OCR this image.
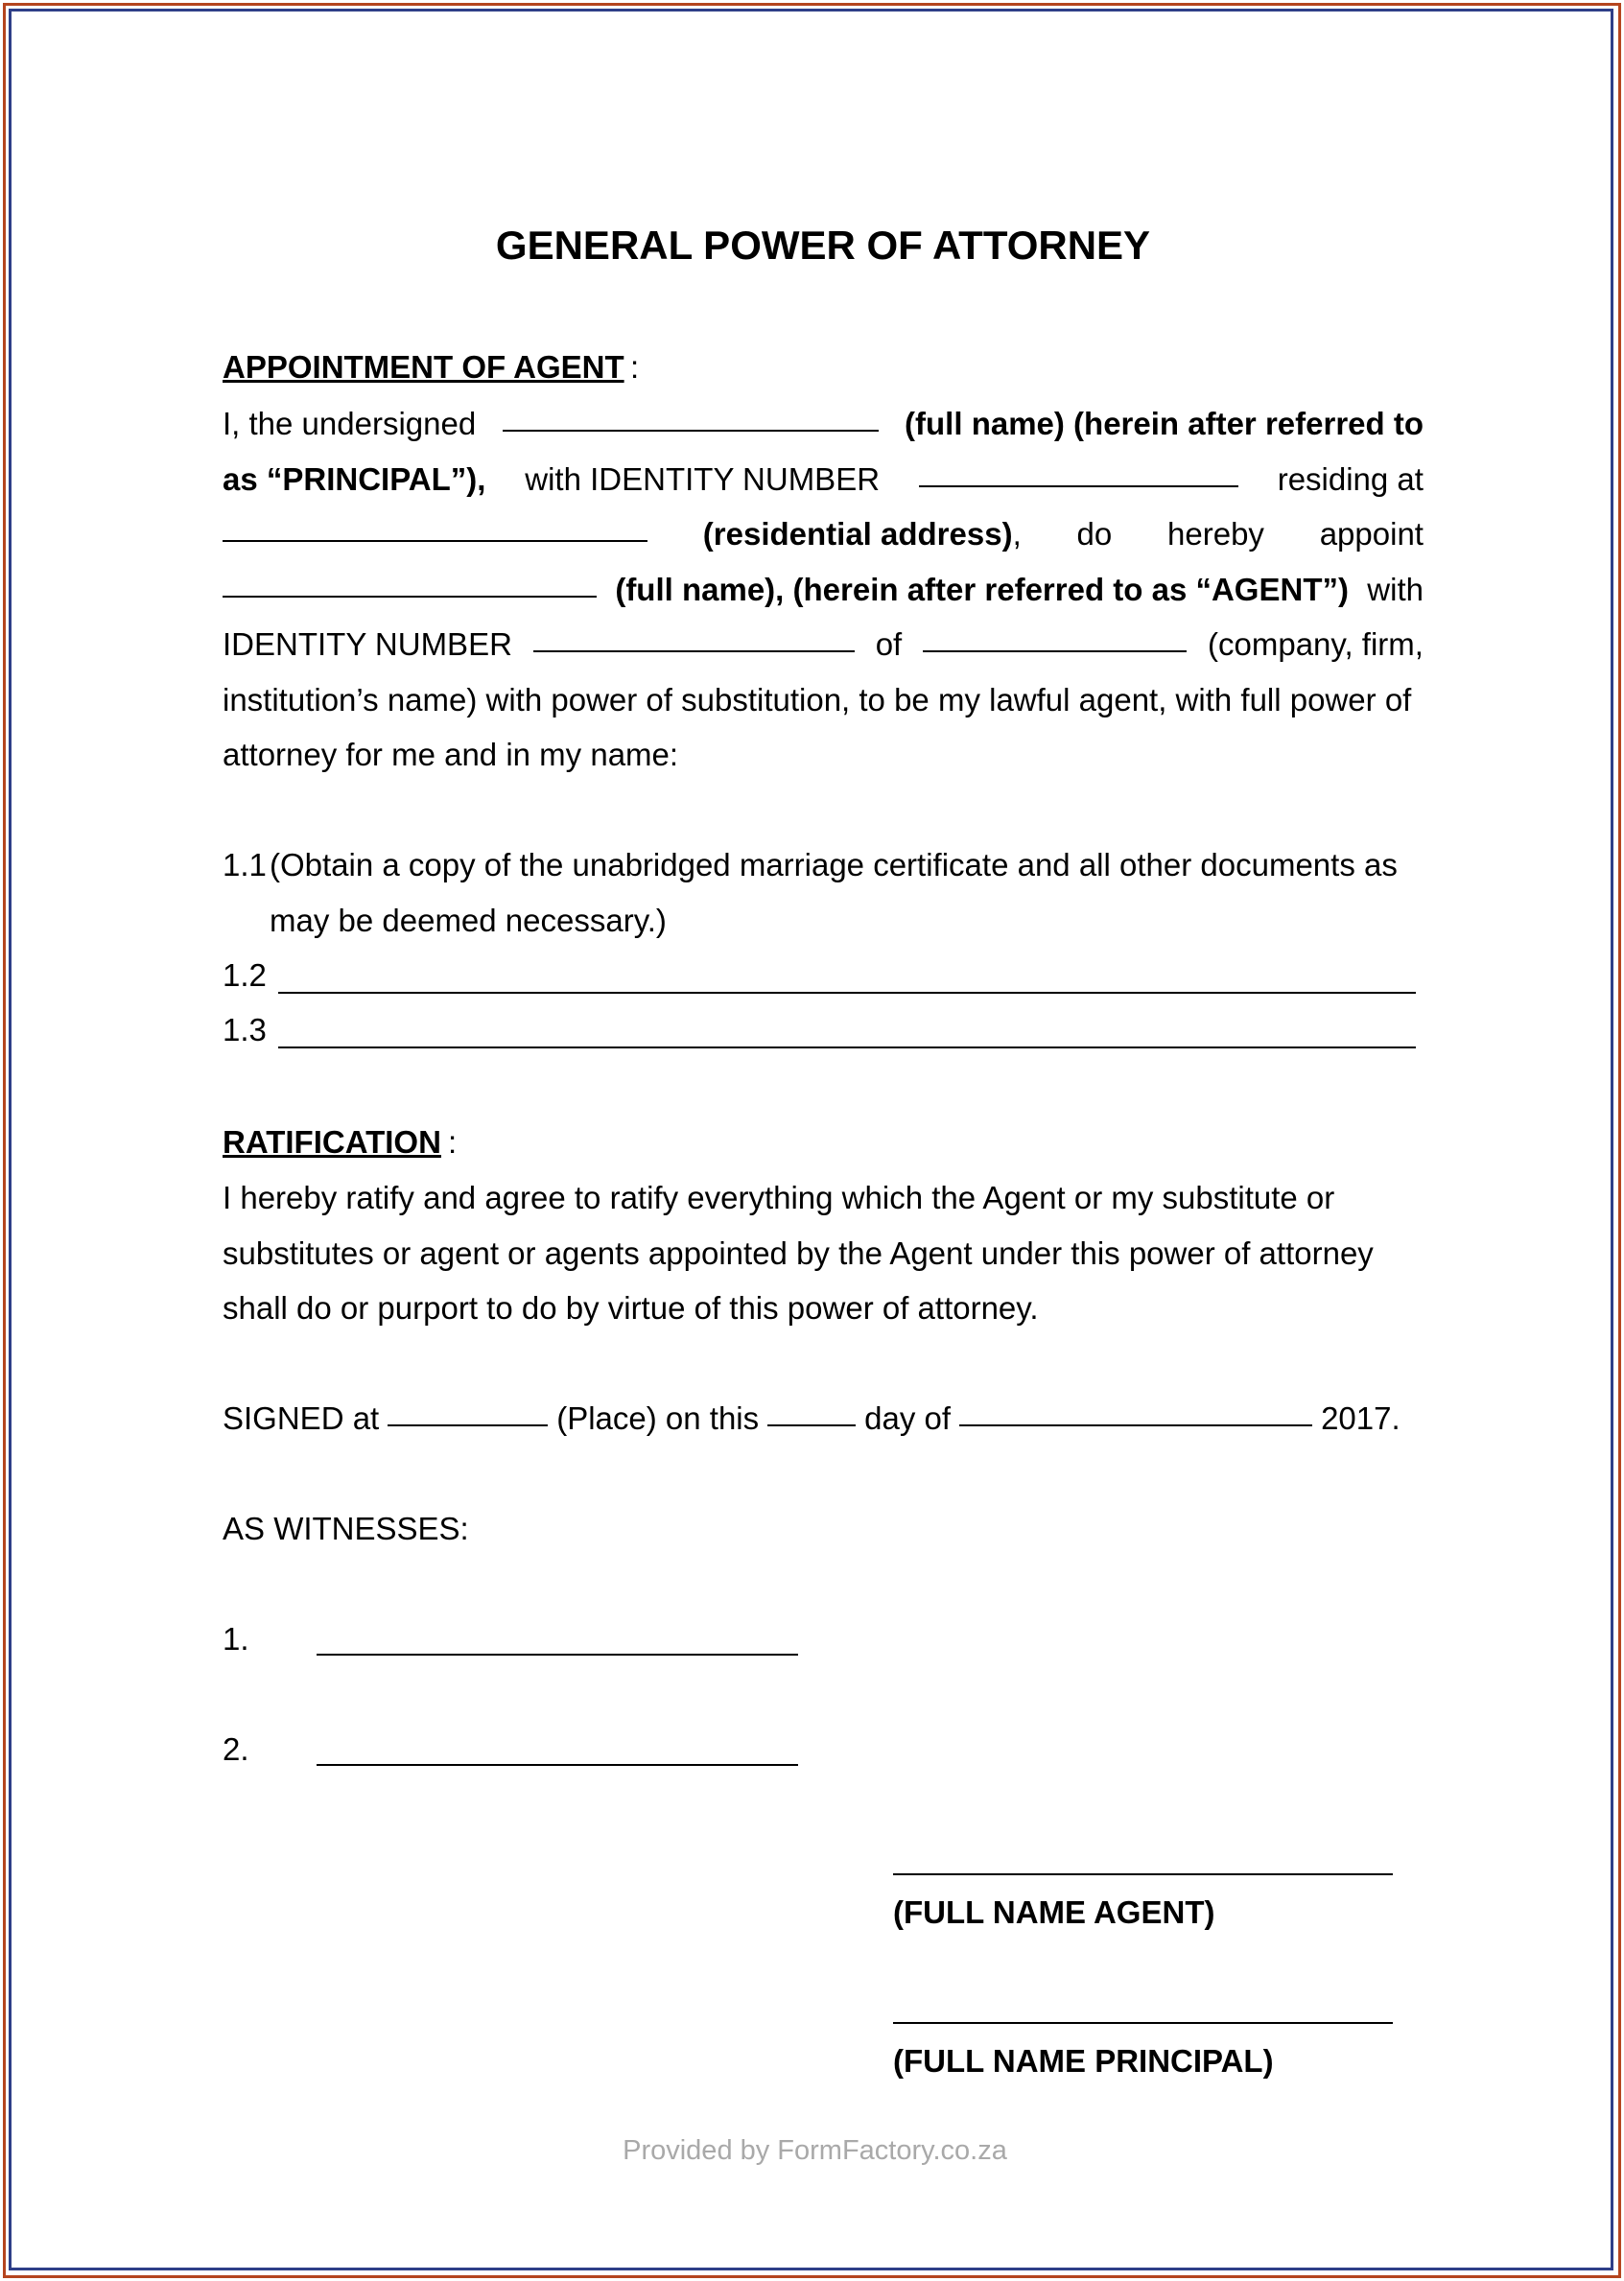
GENERAL POWER OF ATTORNEY
APPOINTMENT OF AGENT :
I, the undersigned	(full name) (herein after referred to
as “PRINCIPAL”), with IDENTITY NUMBER	residing at
(residential address), do hereby appoint
(full name), (herein after referred to as “AGENT”) with
IDENTITY NUMBER	of	(company, firm,
institution’s name) with power of substitution, to be my lawful agent, with full power of
attorney for me and in my name:
1.1 (Obtain a copy of the unabridged marriage certificate and all other documents as
may be deemed necessary.)
1.2
1.3
RATIFICATION :
I hereby ratify and agree to ratify everything which the Agent or my substitute or
substitutes or agent or agents appointed by the Agent under this power of attorney
shall do or purport to do by virtue of this power of attorney.
SIGNED at	(Place) on this	day of	2017.
AS WITNESSES:
1.
2.
(FULL NAME AGENT)
(FULL NAME PRINCIPAL)
Provided by FormFactory.co.za
